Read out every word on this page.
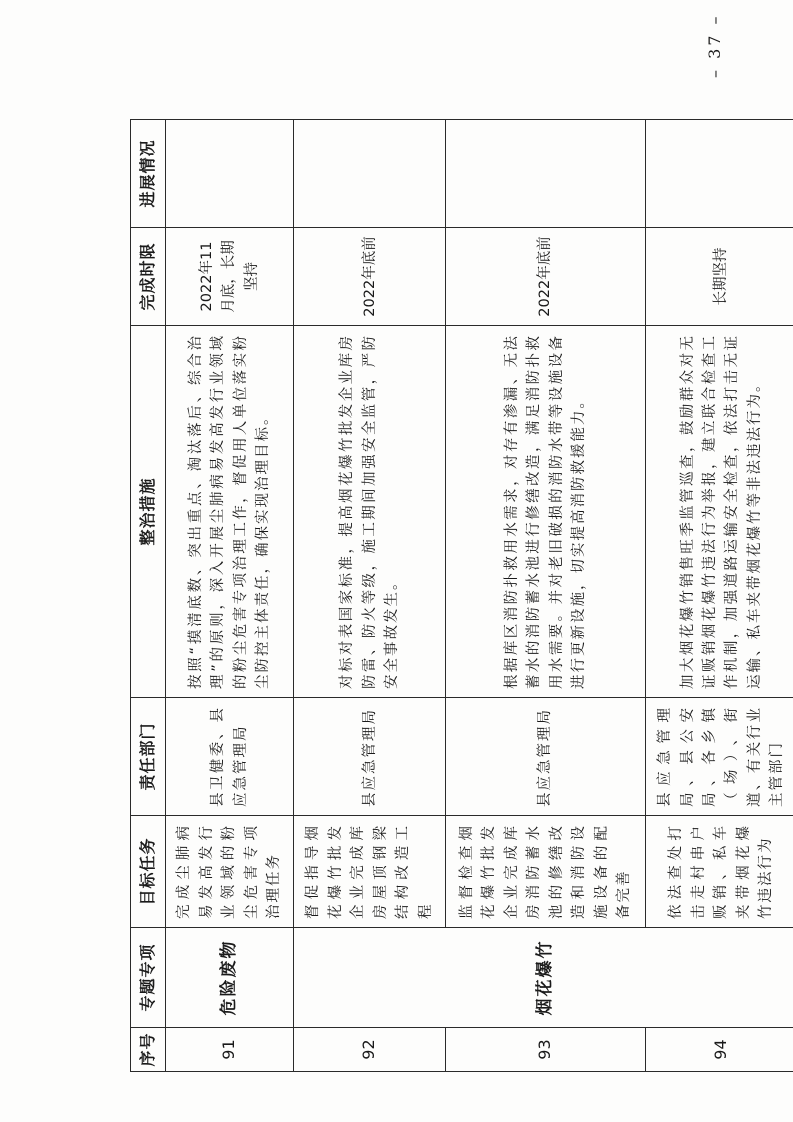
序号	专题专项	目标任务	责任部门	整治措施	完成时限	进展情况
91	危险废物	完成尘肺病易发高发行业领域的粉尘危害专项治理任务	县卫健委、县应急管理局	按照“摸清底数、突出重点、淘汰落后、综合治理”的原则，深入开展尘肺病易发高发行业领域的粉尘危害专项治理工作，督促用人单位落实粉尘防控主体责任，确保实现治理目标。	2022年11月底，长期坚持	
92	烟花爆竹	督促指导烟花爆竹批发企业完成库房屋顶钢梁结构改造工程	县应急管理局	对标对表国家标准，提高烟花爆竹批发企业库房防雷、防火等级，施工期间加强安全监管，严防安全事故发生。	2022年底前	
93		监督检查烟花爆竹批发企业完成库房消防蓄水池的修缮改造和消防设施设备的配备完善	县应急管理局	根据库区消防扑救用水需求，对存有渗漏、无法蓄水的消防蓄水池进行修缮改造，满足消防扑救用水需要。并对老旧破损的消防水带等设施设备进行更新设施，切实提高消防救援能力。	2022年底前	
94		依法查处打击走村串户贩销、私车夹带烟花爆竹违法行为	县应急管理局、县公安局、各乡镇（场）、街道、有关行业主管部门	加大烟花爆竹销售旺季监管巡查，鼓励群众对无证贩销烟花爆竹违法行为举报，建立联合检查工作机制，加强道路运输安全检查，依法打击无证运输、私车夹带烟花爆竹等非法违法行为。	长期坚持	
– 37 –
